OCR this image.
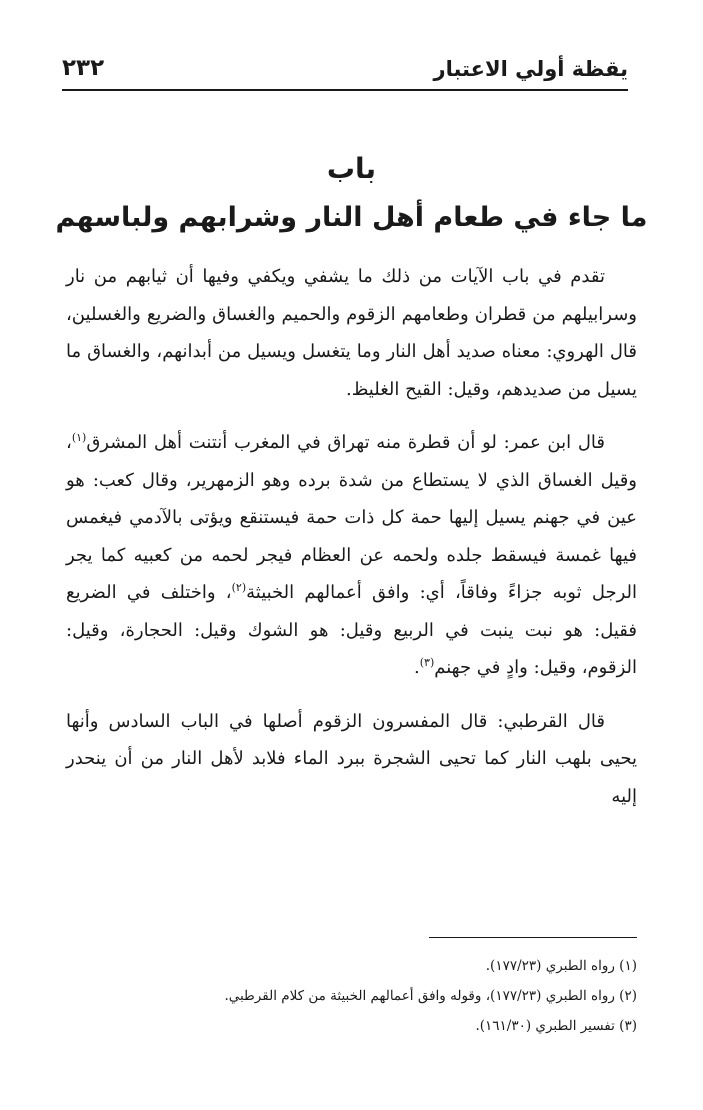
يقظة أولي الاعتبار
٢٣٢
باب
ما جاء في طعام أهل النار وشرابهم ولباسهم

تقدم في باب الآيات من ذلك ما يشفي ويكفي وفيها أن ثيابهم من نار وسرابيلهم من قطران وطعامهم الزقوم والحميم والغساق والضريع والغسلين، قال الهروي: معناه صديد أهل النار وما يتغسل ويسيل من أبدانهم، والغساق ما يسيل من صديدهم، وقيل: القيح الغليظ.

قال ابن عمر: لو أن قطرة منه تهراق في المغرب أنتنت أهل المشرق$^{(١)}$، وقيل الغساق الذي لا يستطاع من شدة برده وهو الزمهرير، وقال كعب: هو عين في جهنم يسيل إليها حمة كل ذات حمة فيستنقع ويؤتى بالآدمي فيغمس فيها غمسة فيسقط جلده ولحمه عن العظام فيجر لحمه من كعبيه كما يجر الرجل ثوبه جزاءً وفاقاً، أي: وافق أعمالهم الخبيثة$^{(٢)}$، واختلف في الضريع فقيل: هو نبت ينبت في الربيع وقيل: هو الشوك وقيل: الحجارة، وقيل: الزقوم، وقيل: وادٍ في جهنم$^{(٣)}$.

قال القرطبي: قال المفسرون الزقوم أصلها في الباب السادس وأنها يحيى بلهب النار كما تحيى الشجرة ببرد الماء فلابد لأهل النار من أن ينحدر إليه

(١) رواه الطبري (١٧٧/٢٣).
(٢) رواه الطبري (١٧٧/٢٣)، وقوله وافق أعمالهم الخبيثة من كلام القرطبي.
(٣) تفسير الطبري (١٦١/٣٠).
